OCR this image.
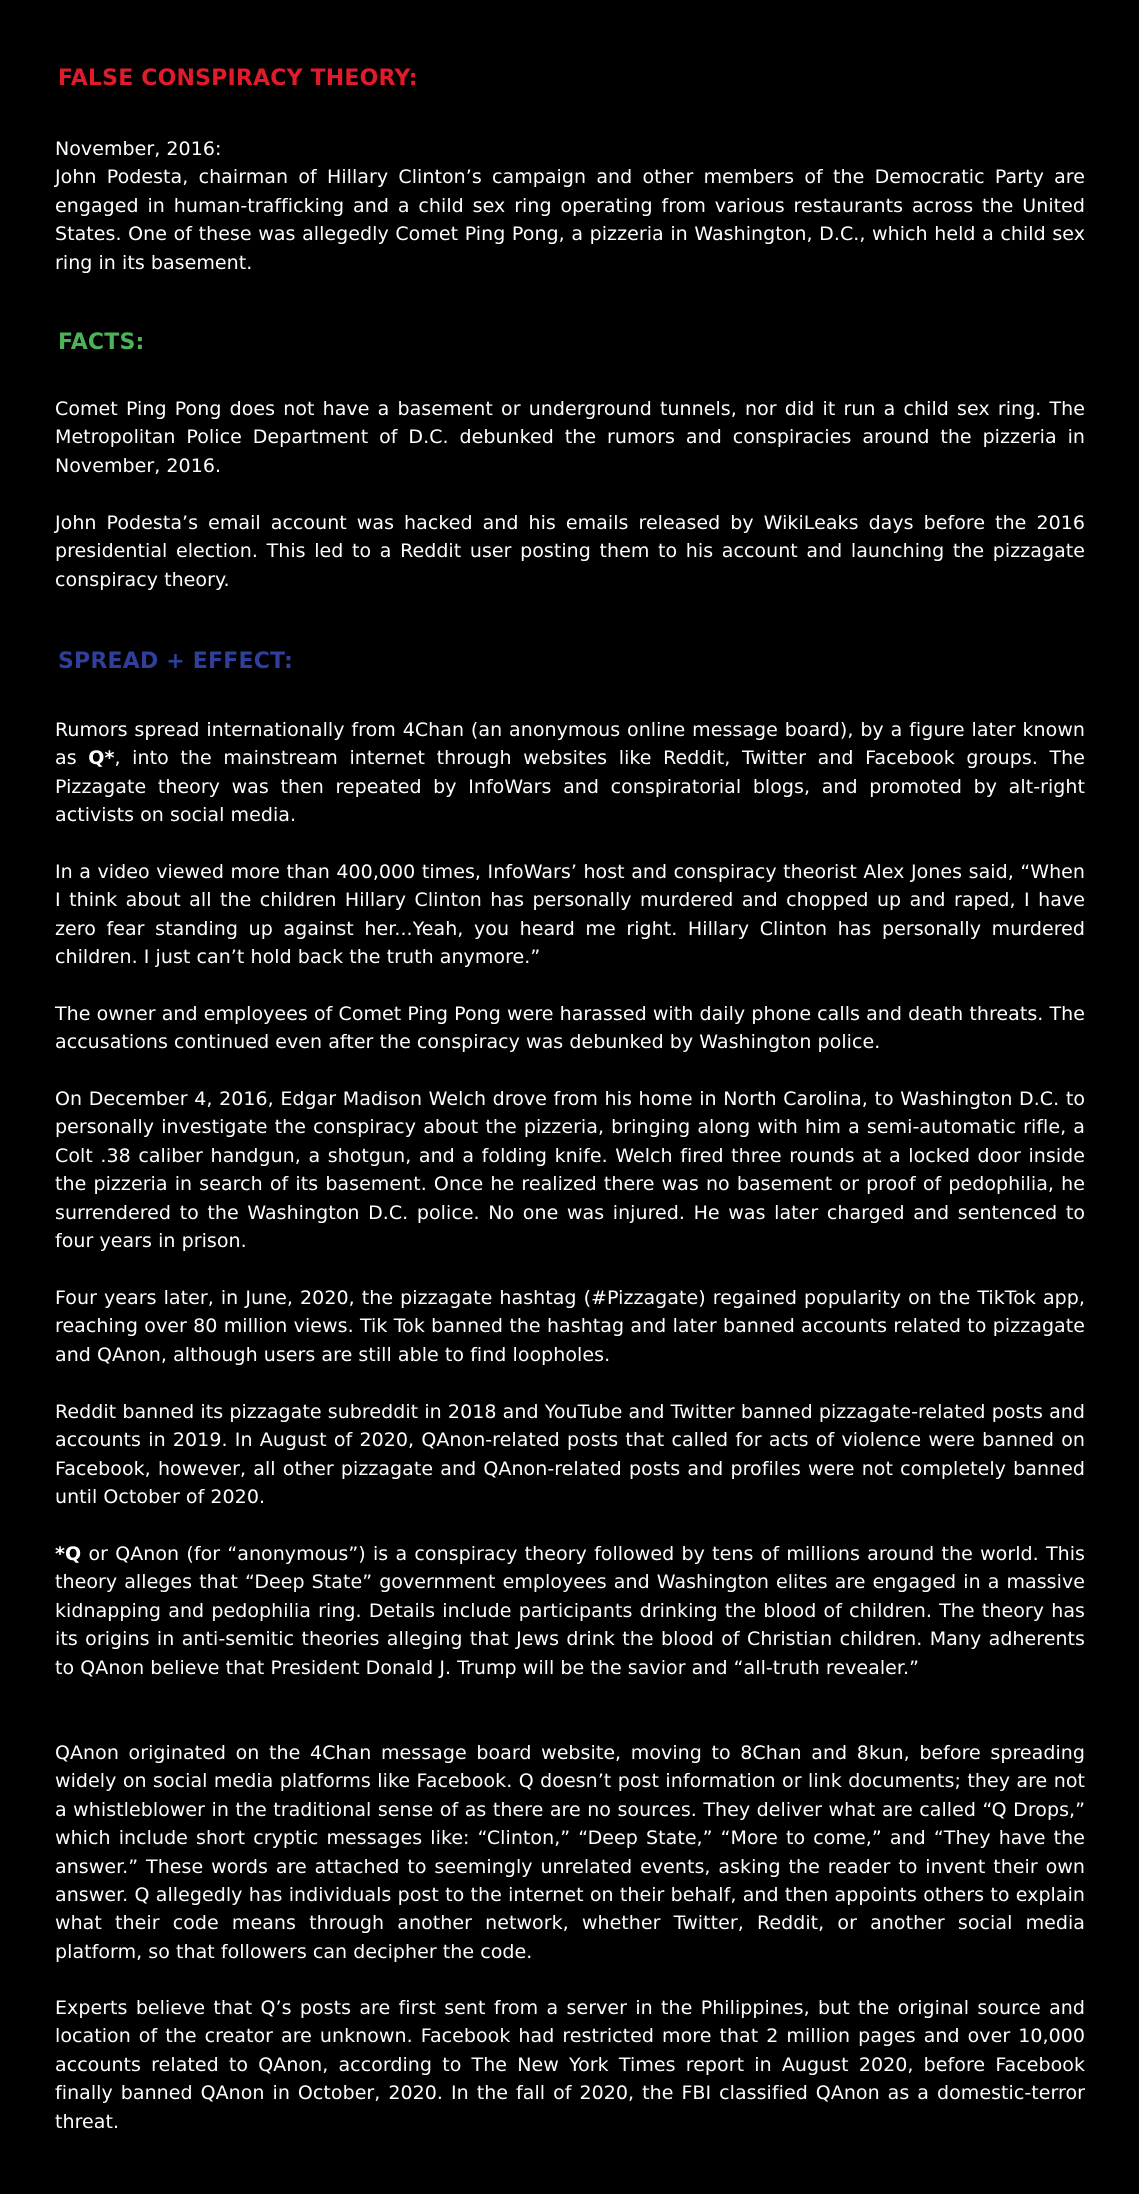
FALSE CONSPIRACY THEORY:

November, 2016:

John Podesta, chairman of Hillary Clinton’s campaign and other members of the Democratic Party are engaged in human-trafficking and a child sex ring operating from various restaurants across the United States. One of these was allegedly Comet Ping Pong, a pizzeria in Washington, D.C., which held a child sex ring in its basement.

FACTS:

Comet Ping Pong does not have a basement or underground tunnels, nor did it run a child sex ring. The Metropolitan Police Department of D.C. debunked the rumors and conspiracies around the pizzeria in November, 2016.

John Podesta’s email account was hacked and his emails released by WikiLeaks days before the 2016 presidential election. This led to a Reddit user posting them to his account and launching the pizzagate conspiracy theory.

SPREAD + EFFECT:

Rumors spread internationally from 4Chan (an anonymous online message board), by a figure later known as Q*, into the mainstream internet through websites like Reddit, Twitter and Facebook groups. The Pizzagate theory was then repeated by InfoWars and conspiratorial blogs, and promoted by alt-right activists on social media.

In a video viewed more than 400,000 times, InfoWars’ host and conspiracy theorist Alex Jones said, “When I think about all the children Hillary Clinton has personally murdered and chopped up and raped, I have zero fear standing up against her...Yeah, you heard me right. Hillary Clinton has personally murdered children. I just can’t hold back the truth anymore.”

The owner and employees of Comet Ping Pong were harassed with daily phone calls and death threats. The accusations continued even after the conspiracy was debunked by Washington police.

On December 4, 2016, Edgar Madison Welch drove from his home in North Carolina, to Washington D.C. to personally investigate the conspiracy about the pizzeria, bringing along with him a semi-automatic rifle, a Colt .38 caliber handgun, a shotgun, and a folding knife. Welch fired three rounds at a locked door inside the pizzeria in search of its basement. Once he realized there was no basement or proof of pedophilia, he surrendered to the Washington D.C. police. No one was injured. He was later charged and sentenced to four years in prison.

Four years later, in June, 2020, the pizzagate hashtag (#Pizzagate) regained popularity on the TikTok app, reaching over 80 million views. Tik Tok banned the hashtag and later banned accounts related to pizzagate and QAnon, although users are still able to find loopholes.

Reddit banned its pizzagate subreddit in 2018 and YouTube and Twitter banned pizzagate-related posts and accounts in 2019. In August of 2020, QAnon-related posts that called for acts of violence were banned on Facebook, however, all other pizzagate and QAnon-related posts and profiles were not completely banned until October of 2020.

*Q or QAnon (for “anonymous”) is a conspiracy theory followed by tens of millions around the world. This theory alleges that “Deep State” government employees and Washington elites are engaged in a massive kidnapping and pedophilia ring. Details include participants drinking the blood of children. The theory has its origins in anti-semitic theories alleging that Jews drink the blood of Christian children. Many adherents to QAnon believe that President Donald J. Trump will be the savior and “all-truth revealer.”

QAnon originated on the 4Chan message board website, moving to 8Chan and 8kun, before spreading widely on social media platforms like Facebook. Q doesn’t post information or link documents; they are not a whistleblower in the traditional sense of as there are no sources. They deliver what are called “Q Drops,” which include short cryptic messages like: “Clinton,” “Deep State,” “More to come,” and “They have the answer.” These words are attached to seemingly unrelated events, asking the reader to invent their own answer. Q allegedly has individuals post to the internet on their behalf, and then appoints others to explain what their code means through another network, whether Twitter, Reddit, or another social media platform, so that followers can decipher the code.

Experts believe that Q’s posts are first sent from a server in the Philippines, but the original source and location of the creator are unknown. Facebook had restricted more that 2 million pages and over 10,000 accounts related to QAnon, according to The New York Times report in August 2020, before Facebook finally banned QAnon in October, 2020. In the fall of 2020, the FBI classified QAnon as a domestic-terror threat.
